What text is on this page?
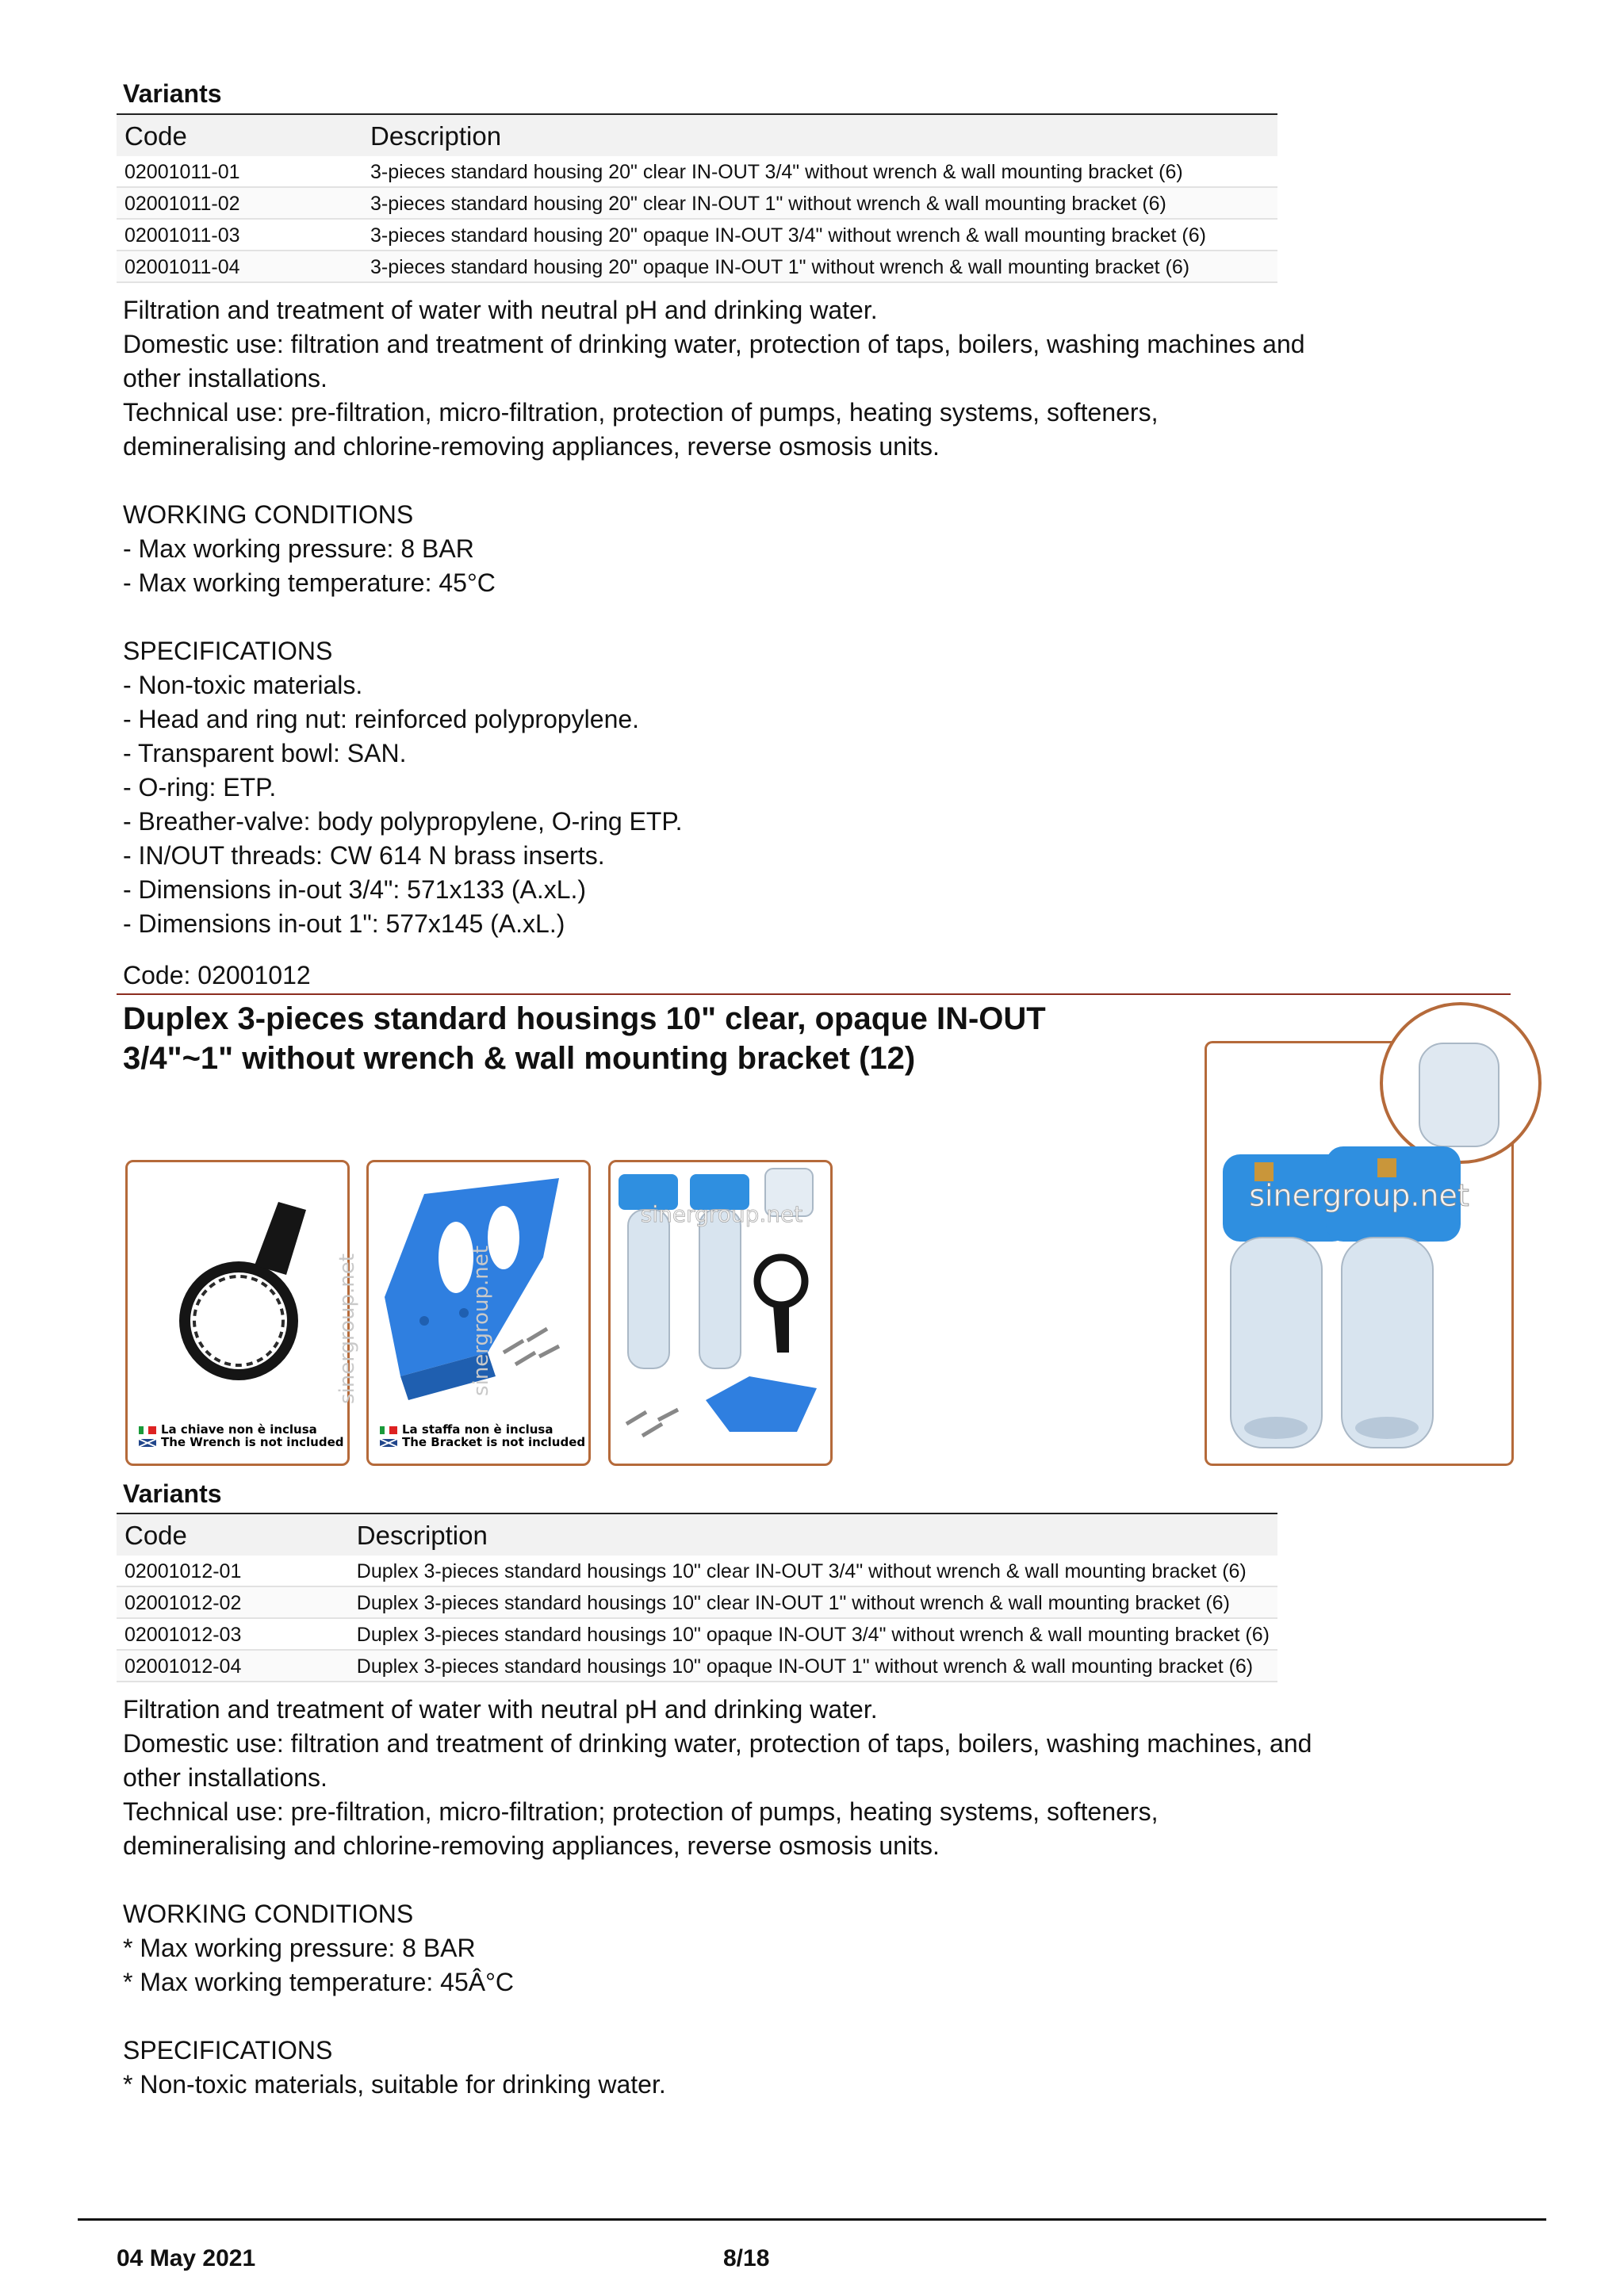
Variants
Code	Description
02001011-01	3-pieces standard housing 20" clear IN-OUT 3/4" without wrench & wall mounting bracket (6)
02001011-02	3-pieces standard housing 20" clear IN-OUT 1" without wrench & wall mounting bracket (6)
02001011-03	3-pieces standard housing 20" opaque IN-OUT 3/4" without wrench & wall mounting bracket (6)
02001011-04	3-pieces standard housing 20" opaque IN-OUT 1" without wrench & wall mounting bracket (6)

Filtration and treatment of water with neutral pH and drinking water.

Domestic use: filtration and treatment of drinking water, protection of taps, boilers, washing machines and

other installations.

Technical use: pre-filtration, micro-filtration, protection of pumps, heating systems, softeners,

demineralising and chlorine-removing appliances, reverse osmosis units.

WORKING CONDITIONS

- Max working pressure: 8 BAR

- Max working temperature: 45°C

SPECIFICATIONS

- Non-toxic materials.

- Head and ring nut: reinforced polypropylene.

- Transparent bowl: SAN.

- O-ring: ETP.

- Breather-valve: body polypropylene, O-ring ETP.

- IN/OUT threads: CW 614 N brass inserts.

- Dimensions in-out 3/4": 571x133 (A.xL.)

- Dimensions in-out 1": 577x145 (A.xL.)

Code: 02001012
Duplex 3-pieces standard housings 10" clear, opaque IN-OUT
3/4"~1" without wrench & wall mounting bracket (12)
sinergroup.net
La chiave non è inclusa
The Wrench is not included
sinergroup.net
La staffa non è inclusa
The Bracket is not included
sinergroup.net
sinergroup.net
Variants
Code	Description
02001012-01	Duplex 3-pieces standard housings 10" clear IN-OUT 3/4" without wrench & wall mounting bracket (6)
02001012-02	Duplex 3-pieces standard housings 10" clear IN-OUT 1" without wrench & wall mounting bracket (6)
02001012-03	Duplex 3-pieces standard housings 10" opaque IN-OUT 3/4" without wrench & wall mounting bracket (6)
02001012-04	Duplex 3-pieces standard housings 10" opaque IN-OUT 1" without wrench & wall mounting bracket (6)

Filtration and treatment of water with neutral pH and drinking water.

Domestic use: filtration and treatment of drinking water, protection of taps, boilers, washing machines, and

other installations.

Technical use: pre-filtration, micro-filtration; protection of pumps, heating systems, softeners,

demineralising and chlorine-removing appliances, reverse osmosis units.

WORKING CONDITIONS

* Max working pressure: 8 BAR

* Max working temperature: 45Â°C

SPECIFICATIONS

* Non-toxic materials, suitable for drinking water.

04 May 2021	8/18
